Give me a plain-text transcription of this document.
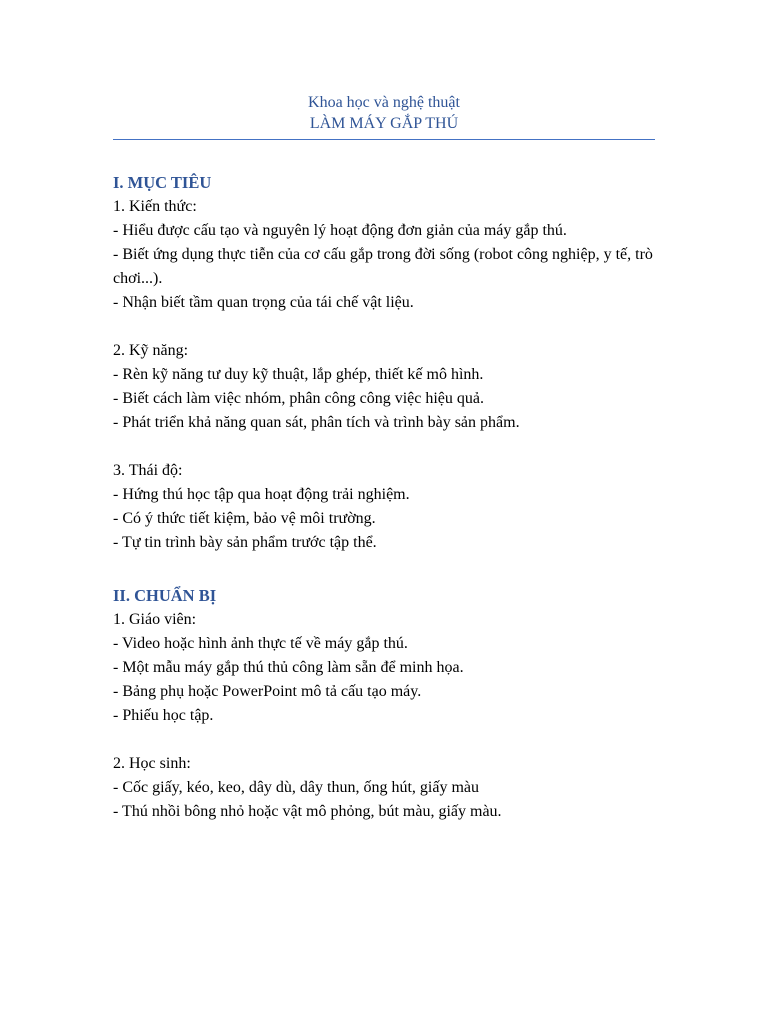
Khoa học và nghệ thuật
LÀM MÁY GẮP THÚ

I. MỤC TIÊU

1. Kiến thức:

- Hiểu được cấu tạo và nguyên lý hoạt động đơn giản của máy gắp thú.

- Biết ứng dụng thực tiễn của cơ cấu gắp trong đời sống (robot công nghiệp, y tế, trò chơi...).

- Nhận biết tầm quan trọng của tái chế vật liệu.

2. Kỹ năng:

- Rèn kỹ năng tư duy kỹ thuật, lắp ghép, thiết kế mô hình.

- Biết cách làm việc nhóm, phân công công việc hiệu quả.

- Phát triển khả năng quan sát, phân tích và trình bày sản phẩm.

3. Thái độ:

- Hứng thú học tập qua hoạt động trải nghiệm.

- Có ý thức tiết kiệm, bảo vệ môi trường.

- Tự tin trình bày sản phẩm trước tập thể.

II. CHUẨN BỊ

1. Giáo viên:

- Video hoặc hình ảnh thực tế về máy gắp thú.

- Một mẫu máy gắp thú thủ công làm sẵn để minh họa.

- Bảng phụ hoặc PowerPoint mô tả cấu tạo máy.

- Phiếu học tập.

2. Học sinh:

- Cốc giấy, kéo, keo, dây dù, dây thun, ống hút, giấy màu

- Thú nhồi bông nhỏ hoặc vật mô phỏng, bút màu, giấy màu.
